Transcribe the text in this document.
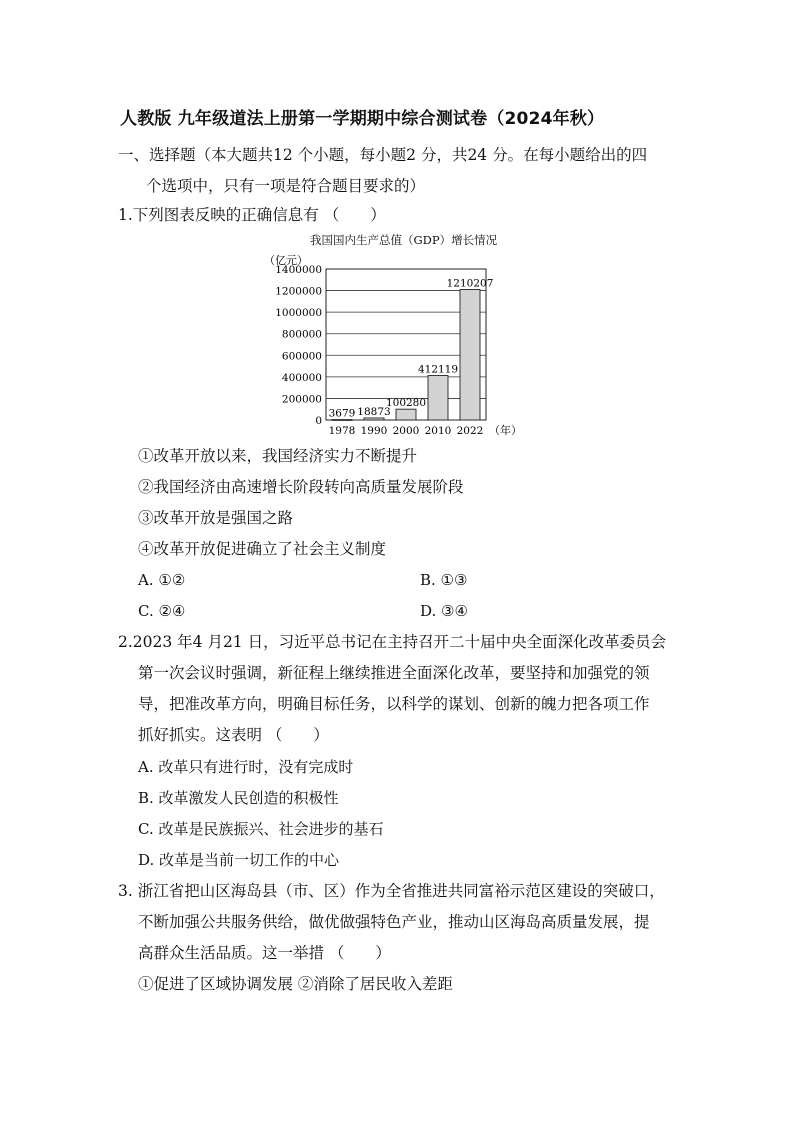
人教版 九年级道法上册第一学期期中综合测试卷（2024年秋）
一、选择题（本大题共12 个小题，每小题2 分，共24 分。在每小题给出的四
个选项中，只有一项是符合题目要求的）
1.下列图表反映的正确信息有 （　　）
我国国内生产总值（GDP）增长情况
（亿元）
0
200000
400000
600000
800000
1000000
1200000
1400000
3679 18873
100280
412119
1210207
1978 1990 2000 2010 2022 （年）
①改革开放以来，我国经济实力不断提升
②我国经济由高速增长阶段转向高质量发展阶段
③改革开放是强国之路
④改革开放促进确立了社会主义制度
A. ①②	B. ①③
C. ②④	D. ③④
2.2023 年4 月21 日，习近平总书记在主持召开二十届中央全面深化改革委员会
第一次会议时强调，新征程上继续推进全面深化改革，要坚持和加强党的领
导，把准改革方向，明确目标任务，以科学的谋划、创新的魄力把各项工作
抓好抓实。这表明 （　　）
A. 改革只有进行时，没有完成时
B. 改革激发人民创造的积极性
C. 改革是民族振兴、社会进步的基石
D. 改革是当前一切工作的中心
3. 浙江省把山区海岛县（市、区）作为全省推进共同富裕示范区建设的突破口，
不断加强公共服务供给，做优做强特色产业，推动山区海岛高质量发展，提
高群众生活品质。这一举措 （　　）
①促进了区域协调发展 ②消除了居民收入差距
